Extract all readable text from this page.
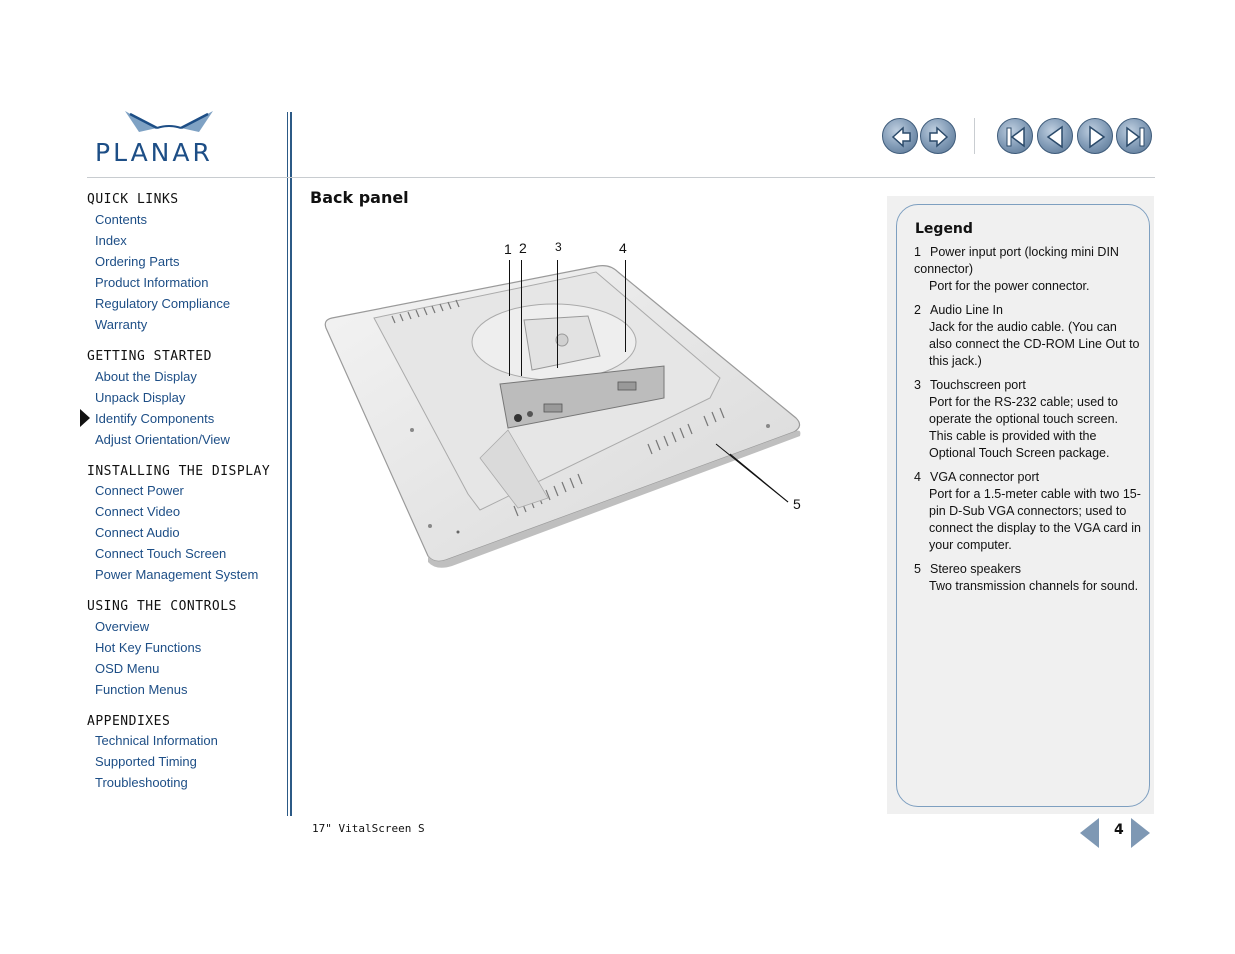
PLANAR
QUICK LINKS
Contents
Index
Ordering Parts
Product Information
Regulatory Compliance
Warranty
GETTING STARTED
About the Display
Unpack Display
Identify Components
Adjust Orientation/View
INSTALLING THE DISPLAY
Connect Power
Connect Video
Connect Audio
Connect Touch Screen
Power Management System
USING THE CONTROLS
Overview
Hot Key Functions
OSD Menu
Function Menus
APPENDIXES
Technical Information
Supported Timing
Troubleshooting
Back panel
1 2 3	4
5
Legend
1 Power input port (locking mini DIN connector)
Port for the power connector.
2 Audio Line In
Jack for the audio cable. (You can also connect the CD-ROM Line Out to this jack.)
3 Touchscreen port
Port for the RS-232 cable; used to operate the optional touch screen. This cable is provided with the Optional Touch Screen package.
4 VGA connector port
Port for a 1.5-meter cable with two 15-pin D-Sub VGA connectors; used to connect the display to the VGA card in your computer.
5 Stereo speakers
Two transmission channels for sound.
17" VitalScreen S	4
